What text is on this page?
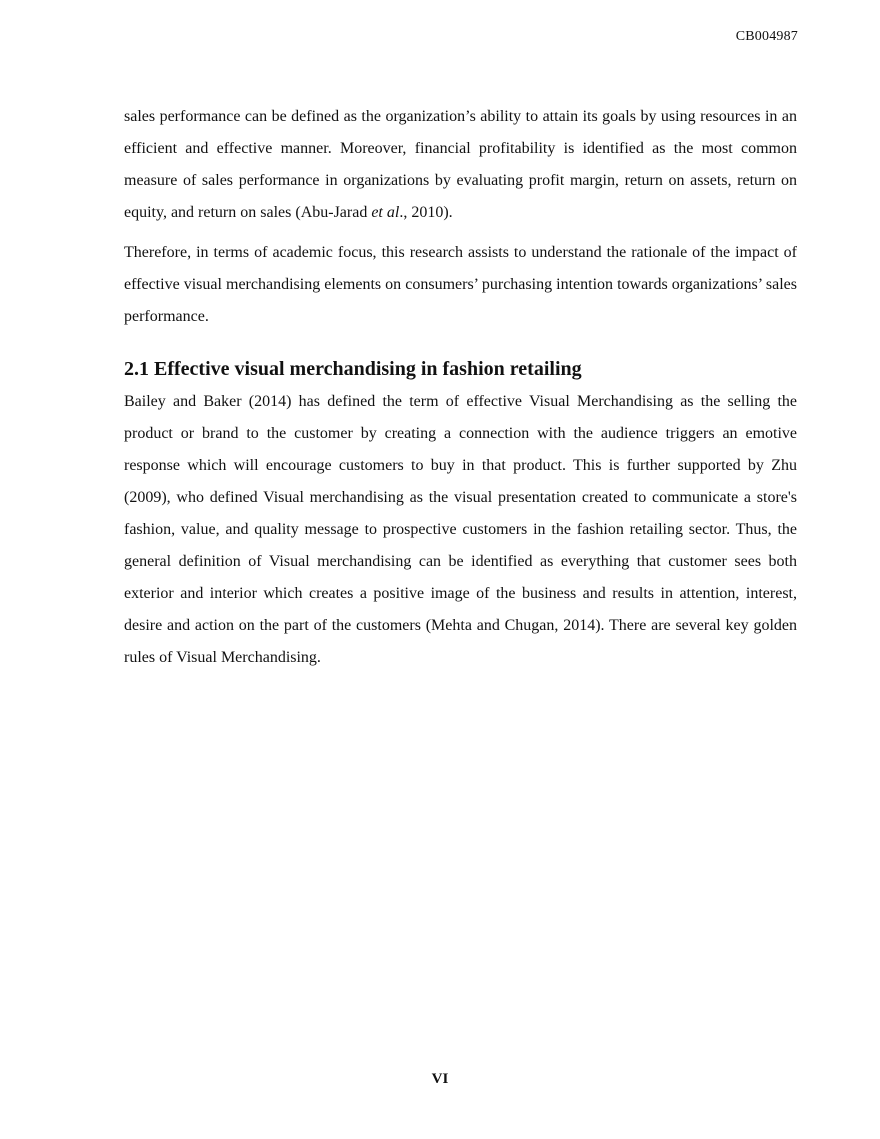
CB004987

sales performance can be defined as the organization’s ability to attain its goals by using resources in an efficient and effective manner. Moreover, financial profitability is identified as the most common measure of sales performance in organizations by evaluating profit margin, return on assets, return on equity, and return on sales (Abu-Jarad et al., 2010).

Therefore, in terms of academic focus, this research assists to understand the rationale of the impact of effective visual merchandising elements on consumers’ purchasing intention towards organizations’ sales performance.

2.1 Effective visual merchandising in fashion retailing

Bailey and Baker (2014) has defined the term of effective Visual Merchandising as the selling the product or brand to the customer by creating a connection with the audience triggers an emotive response which will encourage customers to buy in that product. This is further supported by Zhu (2009), who defined Visual merchandising as the visual presentation created to communicate a store's fashion, value, and quality message to prospective customers in the fashion retailing sector. Thus, the general definition of Visual merchandising can be identified as everything that customer sees both exterior and interior which creates a positive image of the business and results in attention, interest, desire and action on the part of the customers (Mehta and Chugan, 2014). There are several key golden rules of Visual Merchandising.

VI
